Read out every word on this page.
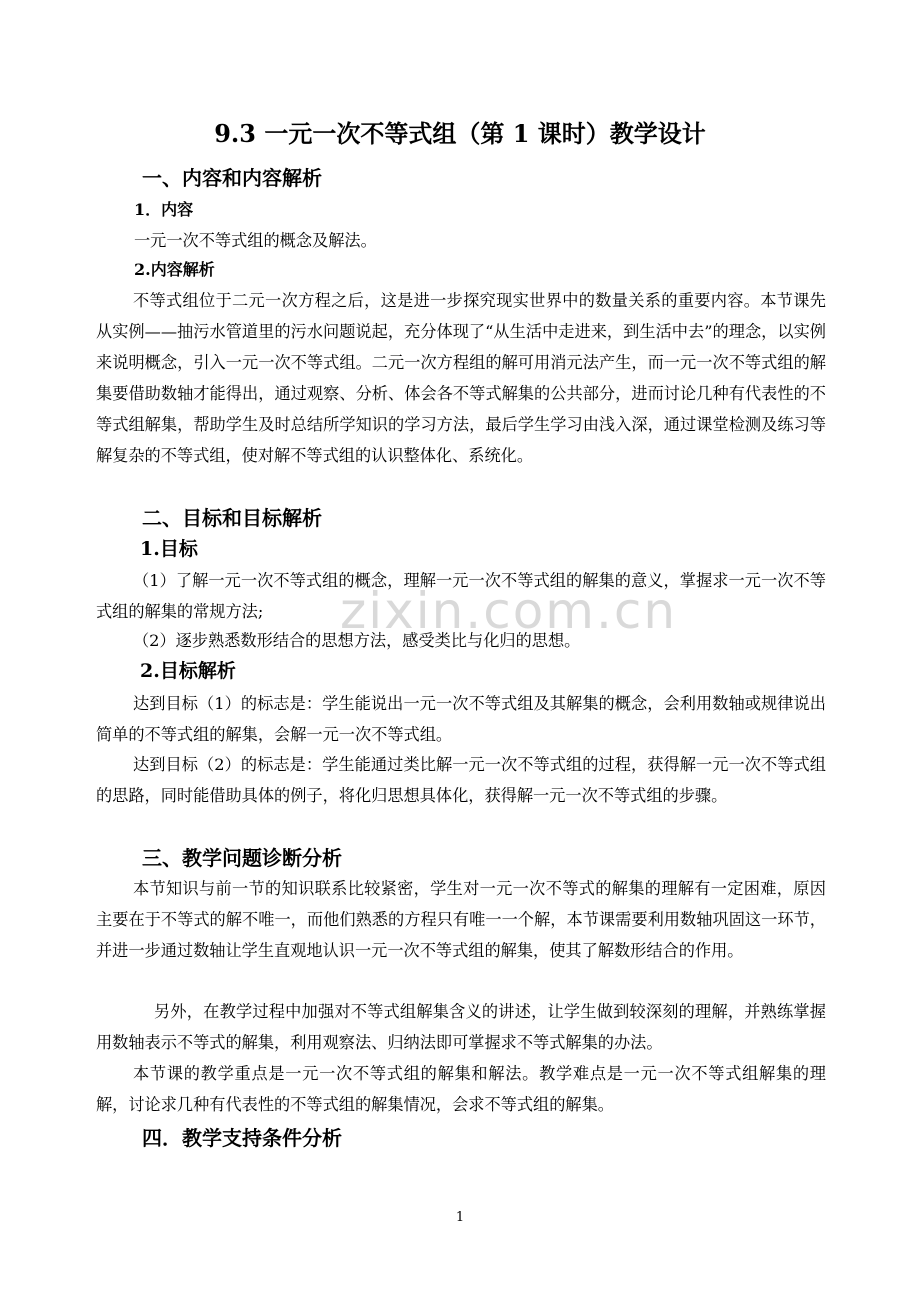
9.3 一元一次不等式组（第 1 课时）教学设计
一、内容和内容解析
1．内容

一元一次不等式组的概念及解法。

2.内容解析

不等式组位于二元一次方程之后，这是进一步探究现实世界中的数量关系的重要内容。本节课先从实例——抽污水管道里的污水问题说起，充分体现了“从生活中走进来，到生活中去”的理念，以实例来说明概念，引入一元一次不等式组。二元一次方程组的解可用消元法产生，而一元一次不等式组的解集要借助数轴才能得出，通过观察、分析、体会各不等式解集的公共部分，进而讨论几种有代表性的不等式组解集，帮助学生及时总结所学知识的学习方法，最后学生学习由浅入深，通过课堂检测及练习等解复杂的不等式组，使对解不等式组的认识整体化、系统化。

二、目标和目标解析
1.目标

（1）了解一元一次不等式组的概念，理解一元一次不等式组的解集的意义，掌握求一元一次不等式组的解集的常规方法;

（2）逐步熟悉数形结合的思想方法，感受类比与化归的思想。

2.目标解析

达到目标（1）的标志是：学生能说出一元一次不等式组及其解集的概念，会利用数轴或规律说出简单的不等式组的解集，会解一元一次不等式组。

达到目标（2）的标志是：学生能通过类比解一元一次不等式组的过程，获得解一元一次不等式组的思路，同时能借助具体的例子，将化归思想具体化，获得解一元一次不等式组的步骤。

三、教学问题诊断分析

本节知识与前一节的知识联系比较紧密，学生对一元一次不等式的解集的理解有一定困难，原因主要在于不等式的解不唯一，而他们熟悉的方程只有唯一一个解，本节课需要利用数轴巩固这一环节，并进一步通过数轴让学生直观地认识一元一次不等式组的解集，使其了解数形结合的作用。

另外，在教学过程中加强对不等式组解集含义的讲述，让学生做到较深刻的理解，并熟练掌握用数轴表示不等式的解集，利用观察法、归纳法即可掌握求不等式解集的办法。

本节课的教学重点是一元一次不等式组的解集和解法。教学难点是一元一次不等式组解集的理解，讨论求几种有代表性的不等式组的解集情况，会求不等式组的解集。

四．教学支持条件分析
zixin.com.cn
1
